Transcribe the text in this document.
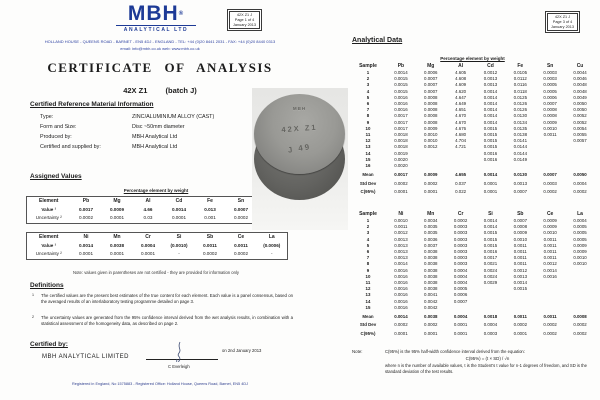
MBH®
ANALYTICAL LTD
42X Z1 J
Page 1 of 4
January 2013
HOLLAND HOUSE - QUEENS ROAD - BARNET - EN5 4DJ - ENGLAND - TEL: +44 (0)20 8441 2031 - FAX: +44 (0)20 8440 0313
email: info@mbh.co.uk web: www.mbh.co.uk
CERTIFICATE OF ANALYSIS
42X Z1 (batch J)
Certified Reference Material Information
Type:	ZINC/ALUMINIUM ALLOY (CAST)
Form and Size:	Disc ~50mm diameter
Produced by:	MBH Analytical Ltd
Certified and supplied by:	MBH Analytical Ltd
Assigned Values
Percentage element by weight
Element	Pb	Mg	Al	Cd	Fe	Sn	
Value ¹	0.0017	0.0009	4.66	0.0014	0.013	0.0007	
Uncertainty ²	0.0002	0.0001	0.03	0.0001	0.001	0.0002	
Element	Ni	Mn	Cr	Si	Sb	Ce	La
Value ¹	0.0014	0.0038	0.0004	(0.0010)	0.0011	0.0011	(0.0006)
Uncertainty ²	0.0001	0.0001	0.0001	-	0.0002	0.0002	-
Note: values given in parentheses are not certified - they are provided for information only
Definitions
1 The certified values are the present best estimates of the true content for each element. Each value is a panel consensus, based on the averaged results of an interlaboratory testing programme detailed on page 3.
2 The uncertainty values are generated from the 95% confidence interval derived from the wet analysis results, in combination with a statistical assessment of the homogeneity data, as described on page 2.
Certified by:
MBH ANALYTICAL LIMITED
on 2nd January 2013
C Everleigh
Registered in England, No 1575883 - Registered Office: Holland House, Queens Road, Barnet, EN5 4DJ
MBH
42X Z1
J 49
42X Z1 J
Page 3 of 4
January 2013
Analytical Data
Percentage element by weight
Sample	Pb	Mg	Al	Cd	Fe	Sn	Cu
1	0.0014	0.0006	4.605	0.0012	0.0105	0.0003	0.0044
2	0.0015	0.0007	4.608	0.0013	0.0112	0.0003	0.0046
3	0.0015	0.0007	4.609	0.0013	0.0116	0.0005	0.0048
4	0.0015	0.0007	4.620	0.0014	0.0118	0.0005	0.0048
5	0.0016	0.0008	4.647	0.0014	0.0125	0.0006	0.0049
6	0.0016	0.0008	4.649	0.0014	0.0126	0.0007	0.0050
7	0.0016	0.0008	4.651	0.0014	0.0126	0.0008	0.0050
8	0.0017	0.0008	4.670	0.0014	0.0130	0.0008	0.0052
9	0.0017	0.0008	4.670	0.0014	0.0134	0.0009	0.0052
10	0.0017	0.0009	4.676	0.0015	0.0135	0.0010	0.0054
11	0.0018	0.0010	4.680	0.0015	0.0138	0.0011	0.0055
12	0.0018	0.0010	4.704	0.0015	0.0141		0.0057
13	0.0018	0.0012	4.721	0.0015	0.0144		
14	0.0019			0.0016	0.0144		
15	0.0020			0.0016	0.0149		
16	0.0020						
Mean	0.0017	0.0009	4.655	0.0014	0.0130	0.0007	0.0050
Std Dev	0.0002	0.0002	0.037	0.0001	0.0013	0.0003	0.0004
C(95%)	0.0001	0.0001	0.022	0.0001	0.0007	0.0002	0.0002
Sample	Ni	Mn	Cr	Si	Sb	Ce	La
1	0.0010	0.0034	0.0002	0.0014	0.0007	0.0009	0.0004
2	0.0011	0.0035	0.0003	0.0014	0.0008	0.0009	0.0005
3	0.0012	0.0035	0.0003	0.0015	0.0009	0.0010	0.0005
4	0.0013	0.0036	0.0003	0.0015	0.0010	0.0011	0.0005
5	0.0013	0.0037	0.0003	0.0015	0.0011	0.0011	0.0009
6	0.0013	0.0038	0.0003	0.0016	0.0011	0.0011	0.0009
7	0.0013	0.0038	0.0003	0.0017	0.0011	0.0011	0.0010
8	0.0014	0.0038	0.0003	0.0021	0.0011	0.0012	0.0010
9	0.0016	0.0038	0.0004	0.0024	0.0012	0.0014	
10	0.0016	0.0038	0.0004	0.0024	0.0013	0.0016	
11	0.0016	0.0038	0.0004	0.0029	0.0014		
12	0.0016	0.0038	0.0005		0.0015		
13	0.0016	0.0041	0.0006				
14	0.0016	0.0042	0.0007				
15	0.0016	0.0042					
Mean	0.0014	0.0038	0.0004	0.0018	0.0011	0.0011	0.0008
Std Dev	0.0002	0.0002	0.0001	0.0004	0.0002	0.0002	0.0002
C(95%)	0.0001	0.0001	0.0001	0.0003	0.0001	0.0002	0.0002
Note:	C(95%) is the 95% half-width confidence interval derived from the equation:
C(95%) = (t × SD) / √n
where n is the number of available values, t is the Student's t value for n-1 degrees of freedom, and SD is the standard deviation of the test results.
